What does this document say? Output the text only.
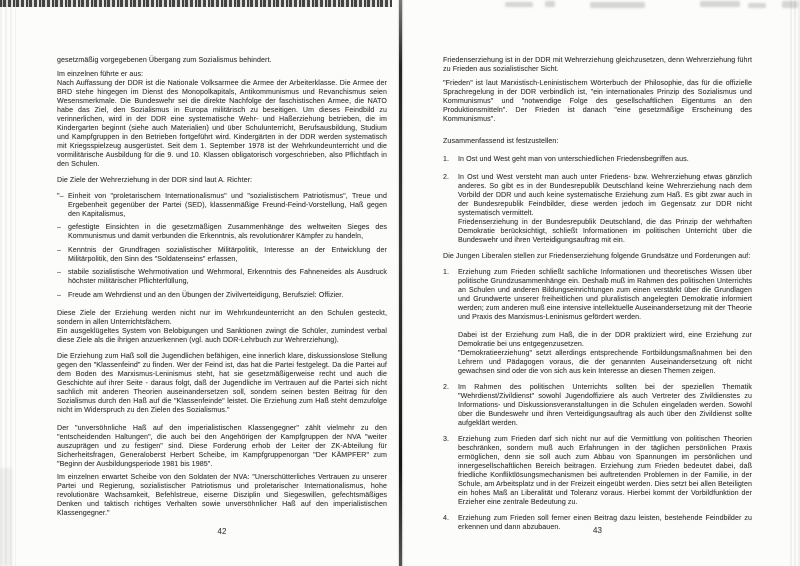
gesetzmäßig vorgegebenen Übergang zum Sozialismus behindert.
Im einzelnen führte er aus:
Nach Auffassung der DDR ist die Nationale Volksarmee die Armee der Arbeiterklasse. Die Armee der BRD stehe hingegen im Dienst des Monopolkapitals, Antikommunismus und Revanchismus seien Wesensmerkmale. Die Bundeswehr sei die direkte Nachfolge der faschistischen Armee, die NATO habe das Ziel, den Sozialismus in Europa militärisch zu beseitigen. Um dieses Feindbild zu verinnerlichen, wird in der DDR eine systematische Wehr- und Haßerziehung betrieben, die im Kindergarten beginnt (siehe auch Materialien) und über Schulunterricht, Berufsausbildung, Studium und Kampfgruppen in den Betrieben fortgeführt wird. Kindergärten in der DDR werden systematisch mit Kriegsspielzeug ausgerüstet. Seit dem 1. September 1978 ist der Wehrkundeunterricht und die vormilitärische Ausbildung für die 9. und 10. Klassen obligatorisch vorgeschrieben, also Pflichtfach in den Schulen.
Die Ziele der Wehrerziehung in der DDR sind laut A. Richter:
"– Einheit von "proletarischem Internationalismus" und "sozialistischem Patriotismus", Treue und Ergebenheit gegenüber der Partei (SED), klassenmäßige Freund-Feind-Vorstellung, Haß gegen den Kapitalismus,
– gefestigte Einsichten in die gesetzmäßigen Zusammenhänge des weltweiten Sieges des Kommunismus und damit verbunden die Erkenntnis, als revolutionärer Kämpfer zu handeln,
– Kenntnis der Grundfragen sozialistischer Militärpolitik, Interesse an der Entwicklung der Militärpolitik, den Sinn des "Soldatenseins" erfassen,
– stabile sozialistische Wehrmotivation und Wehrmoral, Erkenntnis des Fahneneides als Ausdruck höchster militärischer Pflichterfüllung,
– Freude am Wehrdienst und an den Übungen der Zivilverteidigung, Berufsziel: Offizier.
Diese Ziele der Erziehung werden nicht nur im Wehrkundeunterricht an den Schulen gesteckt, sondern in allen Unterrichtsfächern.
Ein ausgeklügeltes System von Belobigungen und Sanktionen zwingt die Schüler, zumindest verbal diese Ziele als die ihrigen anzuerkennen (vgl. auch DDR-Lehrbuch zur Wehrerziehung).
Die Erziehung zum Haß soll die Jugendlichen befähigen, eine innerlich klare, diskussionslose Stellung gegen den "Klassenfeind" zu finden. Wer der Feind ist, das hat die Partei festgelegt. Da die Partei auf dem Boden des Marxismus-Leninismus steht, hat sie gesetzmäßigerweise recht und auch die Geschichte auf ihrer Seite - daraus folgt, daß der Jugendliche im Vertrauen auf die Partei sich nicht sachlich mit anderen Theorien auseinandersetzen soll, sondern seinen besten Beitrag für den Sozialismus durch den Haß auf die "Klassenfeinde" leistet. Die Erziehung zum Haß steht demzufolge nicht im Widerspruch zu den Zielen des Sozialismus."
Der "unversöhnliche Haß auf den imperialistischen Klassengegner" zählt vielmehr zu den "entscheidenden Haltungen", die auch bei den Angehörigen der Kampfgruppen der NVA "weiter auszuprägen und zu festigen" sind. Diese Forderung erhob der Leiter der ZK-Abteilung für Sicherheitsfragen, Generaloberst Herbert Scheibe, im Kampfgruppenorgan "Der KÄMPFER" zum "Beginn der Ausbildungsperiode 1981 bis 1985".
Im einzelnen erwartet Scheibe von den Soldaten der NVA: "Unerschütterliches Vertrauen zu unserer Partei und Regierung, sozialistischer Patriotismus und proletarischer Internationalismus, hohe revolutionäre Wachsamkeit, Befehlstreue, eiserne Disziplin und Siegeswillen, gefechtsmäßiges Denken und taktisch richtiges Verhalten sowie unversöhnlicher Haß auf den imperialistischen Klassengegner."
Friedenserziehung ist in der DDR mit Wehrerziehung gleichzusetzen, denn Wehrerziehung führt zu Frieden aus sozialistischer Sicht.
"Frieden" ist laut Marxistisch-Leninistischem Wörterbuch der Philosophie, das für die offizielle Sprachregelung in der DDR verbindlich ist, "ein internationales Prinzip des Sozialismus und Kommunismus" und "notwendige Folge des gesellschaftlichen Eigentums an den Produktionsmitteln". Der Frieden ist danach "eine gesetzmäßige Erscheinung des Kommunismus".
Zusammenfassend ist festzustellen:
1.	In Ost und West geht man von unterschiedlichen Friedensbegriffen aus.
2.	In Ost und West versteht man auch unter Friedens- bzw. Wehrerziehung etwas gänzlich anderes. So gibt es in der Bundesrepublik Deutschland keine Wehrerziehung nach dem Vorbild der DDR und auch keine systematische Erziehung zum Haß. Es gibt zwar auch in der Bundesrepublik Feindbilder, diese werden jedoch im Gegensatz zur DDR nicht systematisch vermittelt.
Friedenserziehung in der Bundesrepublik Deutschland, die das Prinzip der wehrhaften Demokratie berücksichtigt, schließt Informationen im politischen Unterricht über die Bundeswehr und ihren Verteidigungsauftrag mit ein.
Die Jungen Liberalen stellen zur Friedenserziehung folgende Grundsätze und Forderungen auf:
1.	Erziehung zum Frieden schließt sachliche Informationen und theoretisches Wissen über politische Grundzusammenhänge ein. Deshalb muß im Rahmen des politischen Unterrichts an Schulen und anderen Bildungseinrichtungen zum einen verstärkt über die Grundlagen und Grundwerte unserer freiheitlichen und pluralistisch angelegten Demokratie informiert werden; zum anderen muß eine intensive intellektuelle Auseinandersetzung mit der Theorie und Praxis des Marxismus-Leninismus gefördert werden.
Dabei ist der Erziehung zum Haß, die in der DDR praktiziert wird, eine Erziehung zur Demokratie bei uns entgegenzusetzen.
"Demokratieerziehung" setzt allerdings entsprechende Fortbildungsmaßnahmen bei den Lehrern und Pädagogen voraus, die der genannten Auseinandersetzung oft nicht gewachsen sind oder die von sich aus kein Interesse an diesen Themen zeigen.
2.	Im Rahmen des politischen Unterrichts sollten bei der speziellen Thematik "Wehrdienst/Zivildienst" sowohl Jugendoffiziere als auch Vertreter des Zivildienstes zu Informations- und Diskussionsveranstaltungen in die Schulen eingeladen werden. Sowohl über die Bundeswehr und ihren Verteidigungsauftrag als auch über den Zivildienst sollte aufgeklärt werden.
3.	Erziehung zum Frieden darf sich nicht nur auf die Vermittlung von politischen Theorien beschränken, sondern muß auch Erfahrungen in der täglichen persönlichen Praxis ermöglichen, denn sie soll auch zum Abbau von Spannungen im persönlichen und innergesellschaftlichen Bereich beitragen. Erziehung zum Frieden bedeutet dabei, daß friedliche Konfliktlösungsmechanismen bei auftretenden Problemen in der Familie, in der Schule, am Arbeitsplatz und in der Freizeit eingeübt werden. Dies setzt bei allen Beteiligten ein hohes Maß an Liberalität und Toleranz voraus. Hierbei kommt der Vorbildfunktion der Erzieher eine zentrale Bedeutung zu.
4.	Erziehung zum Frieden soll ferner einen Beitrag dazu leisten, bestehende Feindbilder zu erkennen und dann abzubauen.
42	43
